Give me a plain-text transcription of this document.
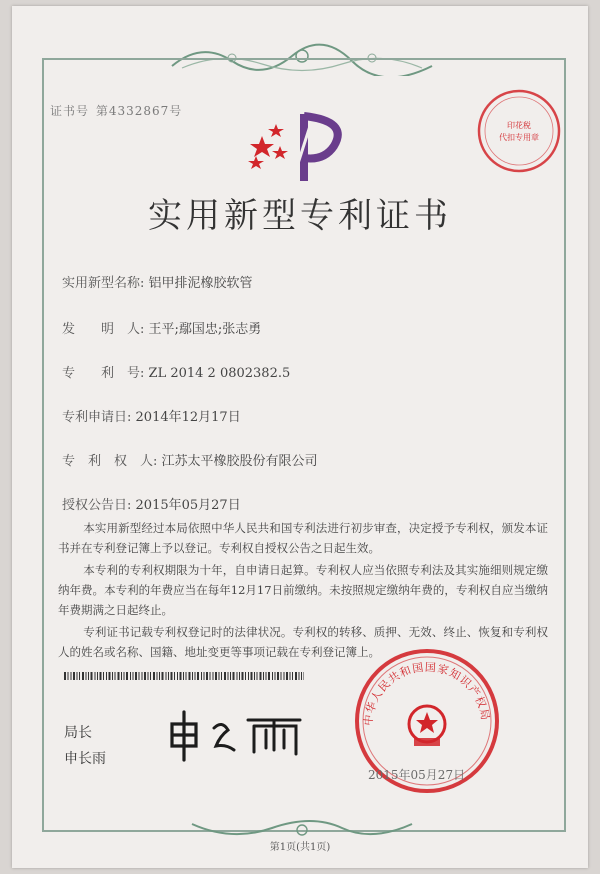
证书号 第4332867号
印花税
代扣专用章
实用新型专利证书
实用新型名称: 铝甲排泥橡胶软管
发　　明　人: 王平;鄢国忠;张志勇
专　　利　号: ZL 2014 2 0802382.5
专利申请日: 2014年12月17日
专　利　权　人: 江苏太平橡胶股份有限公司
授权公告日: 2015年05月27日

本实用新型经过本局依照中华人民共和国专利法进行初步审查，决定授予专利权，颁发本证书并在专利登记簿上予以登记。专利权自授权公告之日起生效。

本专利的专利权期限为十年，自申请日起算。专利权人应当依照专利法及其实施细则规定缴纳年费。本专利的年费应当在每年12月17日前缴纳。未按照规定缴纳年费的，专利权自应当缴纳年费期满之日起终止。

专利证书记载专利权登记时的法律状况。专利权的转移、质押、无效、终止、恢复和专利权人的姓名或名称、国籍、地址变更等事项记载在专利登记簿上。

局长
申长雨
中华人民共和国国家知识产权局
2015年05月27日
第1页(共1页)
